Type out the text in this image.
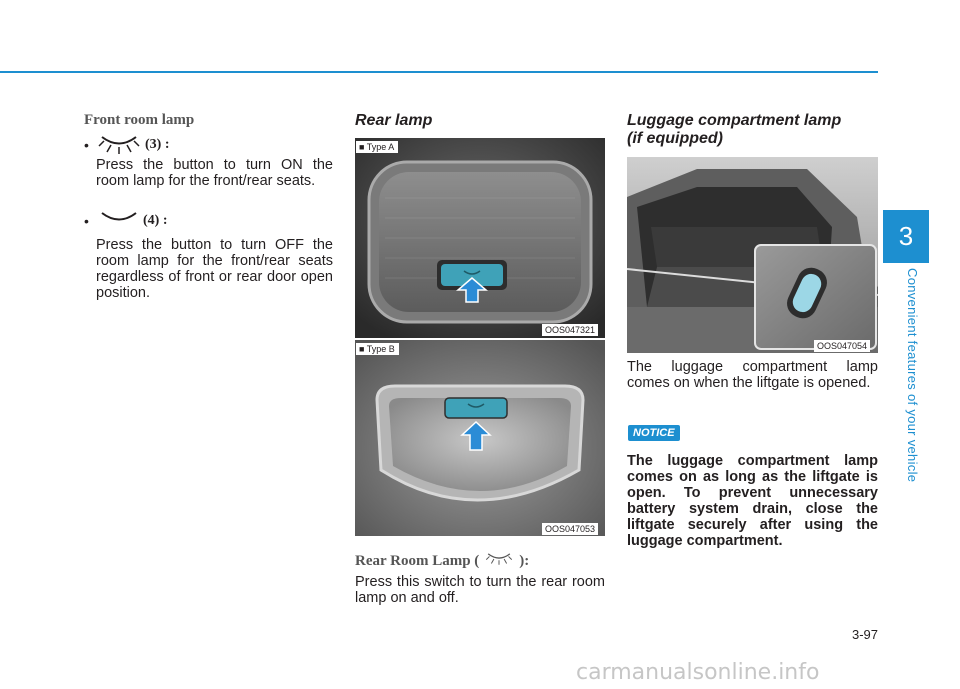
3
Convenient features of your vehicle
Front room lamp
•	(3) :
Press the button to turn ON the room lamp for the front/rear seats.
•	(4) :
Press the button to turn OFF the room lamp for the front/rear seats regardless of front or rear door open position.
Rear lamp
■ Type A
OOS047321
■ Type B
OOS047053
Rear Room Lamp (	):
Press this switch to turn the rear room lamp on and off.
Luggage compartment lamp
(if equipped)
OOS047054
The luggage compartment lamp comes on when the liftgate is opened.
NOTICE
The luggage compartment lamp comes on as long as the liftgate is open. To prevent unnecessary battery system drain, close the liftgate securely after using the luggage compartment.
3-97
carmanualsonline.info
